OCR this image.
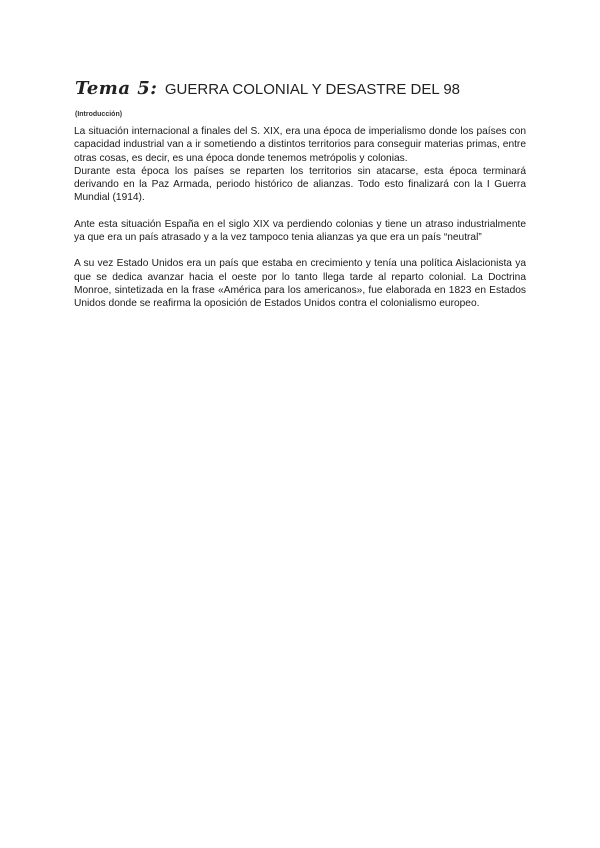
Tema 5: GUERRA COLONIAL Y DESASTRE DEL 98
(Introducción)

La situación internacional a finales del S. XIX, era una época de imperialismo donde los países con capacidad industrial van a ir sometiendo a distintos territorios para conseguir materias primas, entre otras cosas, es decir, es una época donde tenemos metrópolis y colonias.

Durante esta época los países se reparten los territorios sin atacarse, esta época terminará derivando en la Paz Armada, periodo histórico de alianzas. Todo esto finalizará con la I Guerra Mundial (1914).

Ante esta situación España en el siglo XIX va perdiendo colonias y tiene un atraso industrialmente ya que era un país atrasado y a la vez tampoco tenia alianzas ya que era un país “neutral”

A su vez Estado Unidos era un país que estaba en crecimiento y tenía una política Aislacionista ya que se dedica avanzar hacia el oeste por lo tanto llega tarde al reparto colonial. La Doctrina Monroe, sintetizada en la frase «América para los americanos», fue elaborada en 1823 en Estados Unidos donde se reafirma la oposición de Estados Unidos contra el colonialismo europeo.
